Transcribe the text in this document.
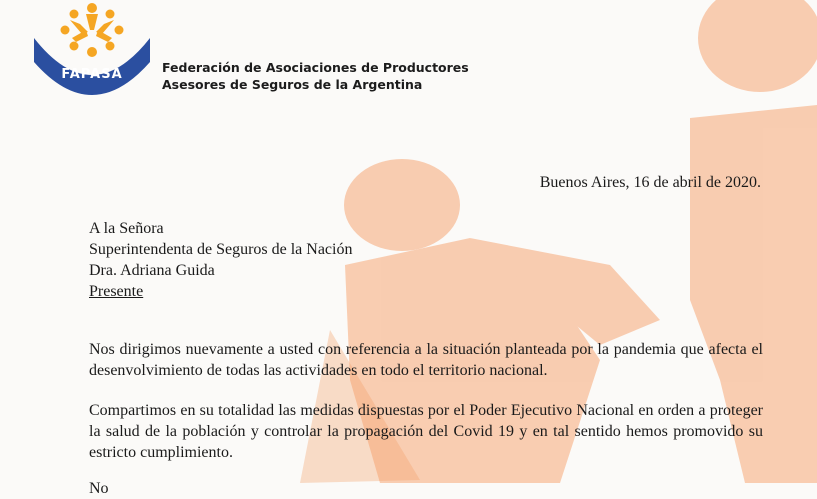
FAPASA	Federación de Asociaciones de Productores
Asesores de Seguros de la Argentina
Buenos Aires, 16 de abril de 2020.
A la Señora
Superintendenta de Seguros de la Nación
Dra. Adriana Guida
Presente
Nos dirigimos nuevamente a usted con referencia a la situación planteada por la pandemia que afecta el desenvolvimiento de todas las actividades en todo el territorio nacional.
Compartimos en su totalidad las medidas dispuestas por el Poder Ejecutivo Nacional en orden a proteger la salud de la población y controlar la propagación del Covid 19 y en tal sentido hemos promovido su estricto cumplimiento.
No
